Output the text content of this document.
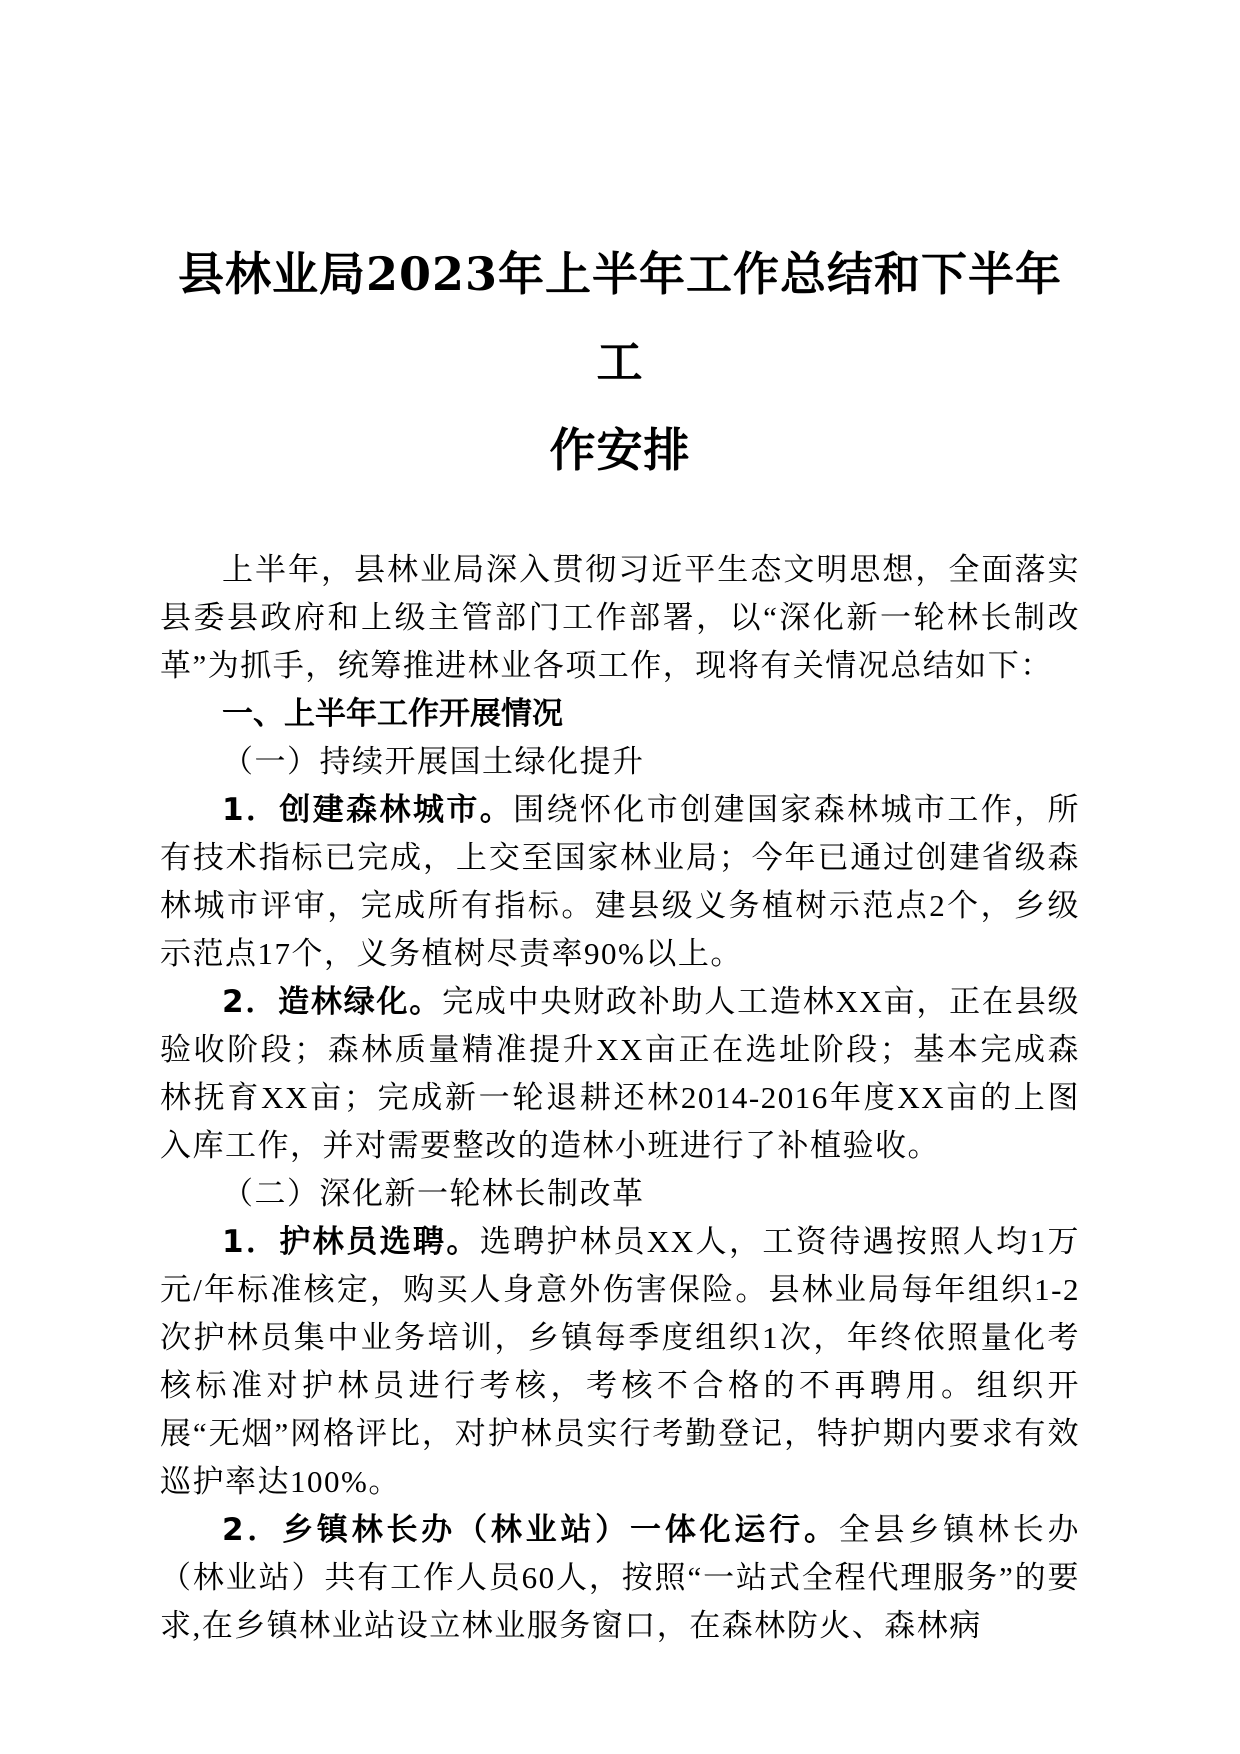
县林业局2023年上半年工作总结和下半年工
作安排

上半年，县林业局深入贯彻习近平生态文明思想，全面落实县委县政府和上级主管部门工作部署，以“深化新一轮林长制改革”为抓手，统筹推进林业各项工作，现将有关情况总结如下：

一、上半年工作开展情况

（一）持续开展国土绿化提升

1．创建森林城市。围绕怀化市创建国家森林城市工作，所有技术指标已完成，上交至国家林业局；今年已通过创建省级森林城市评审，完成所有指标。建县级义务植树示范点2个，乡级示范点17个，义务植树尽责率90%以上。

2．造林绿化。完成中央财政补助人工造林XX亩，正在县级验收阶段；森林质量精准提升XX亩正在选址阶段；基本完成森林抚育XX亩；完成新一轮退耕还林2014-2016年度XX亩的上图入库工作，并对需要整改的造林小班进行了补植验收。

（二）深化新一轮林长制改革

1．护林员选聘。选聘护林员XX人，工资待遇按照人均1万元/年标准核定，购买人身意外伤害保险。县林业局每年组织1-2次护林员集中业务培训，乡镇每季度组织1次，年终依照量化考核标准对护林员进行考核，考核不合格的不再聘用。组织开展“无烟”网格评比，对护林员实行考勤登记，特护期内要求有效巡护率达100%。

2．乡镇林长办（林业站）一体化运行。全县乡镇林长办（林业站）共有工作人员60人，按照“一站式全程代理服务”的要求,在乡镇林业站设立林业服务窗口，在森林防火、森林病
